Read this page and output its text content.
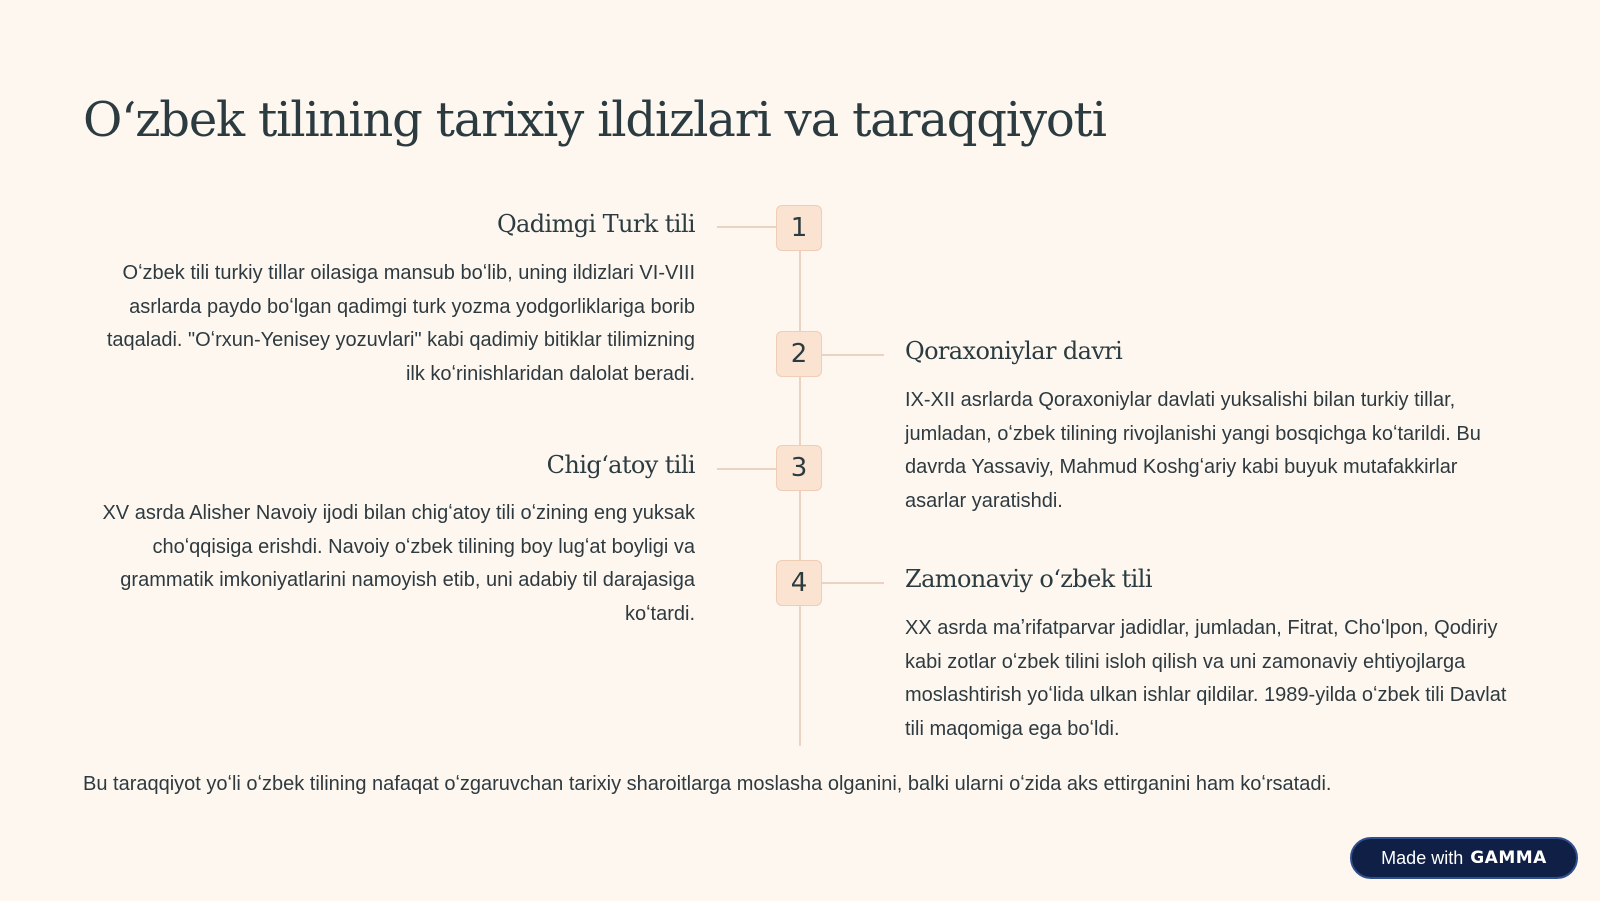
Oʻzbek tilining tarixiy ildizlari va taraqqiyoti
1
Qadimgi Turk tili
Oʻzbek tili turkiy tillar oilasiga mansub boʻlib, uning ildizlari VI-VIII asrlarda paydo boʻlgan qadimgi turk yozma yodgorliklariga borib taqaladi. "Oʻrxun-Yenisey yozuvlari" kabi qadimiy bitiklar tilimizning ilk koʻrinishlaridan dalolat beradi.
2	Qoraxoniylar davri
IX-XII asrlarda Qoraxoniylar davlati yuksalishi bilan turkiy tillar, jumladan, oʻzbek tilining rivojlanishi yangi bosqichga koʻtarildi. Bu davrda Yassaviy, Mahmud Koshgʻariy kabi buyuk mutafakkirlar asarlar yaratishdi.
3
Chigʻatoy tili
XV asrda Alisher Navoiy ijodi bilan chigʻatoy tili oʻzining eng yuksak choʻqqisiga erishdi. Navoiy oʻzbek tilining boy lugʻat boyligi va grammatik imkoniyatlarini namoyish etib, uni adabiy til darajasiga koʻtardi.
4	Zamonaviy oʻzbek tili
XX asrda maʼrifatparvar jadidlar, jumladan, Fitrat, Choʻlpon, Qodiriy kabi zotlar oʻzbek tilini isloh qilish va uni zamonaviy ehtiyojlarga moslashtirish yoʻlida ulkan ishlar qildilar. 1989-yilda oʻzbek tili Davlat tili maqomiga ega boʻldi.
Bu taraqqiyot yoʻli oʻzbek tilining nafaqat oʻzgaruvchan tarixiy sharoitlarga moslasha olganini, balki ularni oʻzida aks ettirganini ham koʻrsatadi.
Made with GAMMA
